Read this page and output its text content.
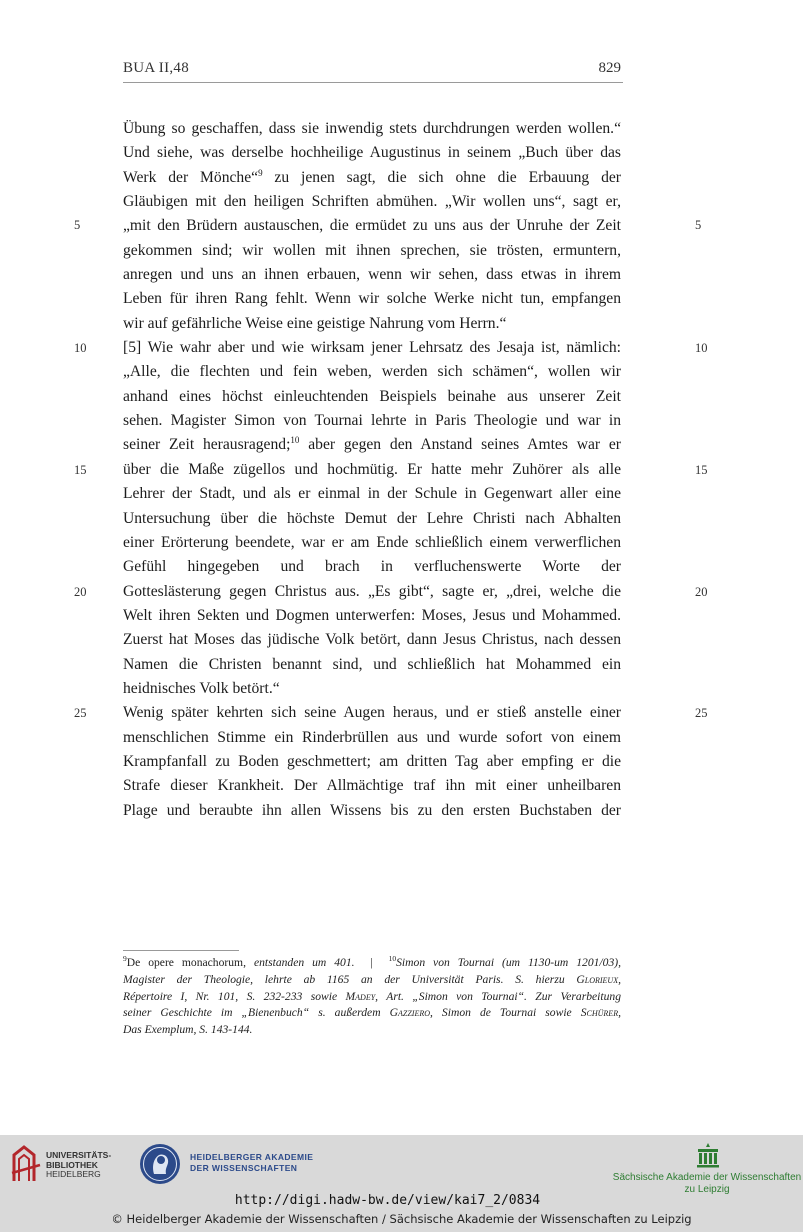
BUA II,48	829
Übung so geschaffen, dass sie inwendig stets durchdrungen werden wollen.“
Und siehe, was derselbe hochheilige Augustinus in seinem „Buch über das
Werk der Mönche“$^9$ zu jenen sagt, die sich ohne die Erbauung der
Gläubigen mit den heiligen Schriften abmühen. „Wir wollen uns“, sagt er,
„mit den Brüdern austauschen, die ermüdet zu uns aus der Unruhe der Zeit
gekommen sind; wir wollen mit ihnen sprechen, sie trösten, ermuntern,
anregen und uns an ihnen erbauen, wenn wir sehen, dass etwas in ihrem
Leben für ihren Rang fehlt. Wenn wir solche Werke nicht tun, empfangen
wir auf gefährliche Weise eine geistige Nahrung vom Herrn.“
[5] Wie wahr aber und wie wirksam jener Lehrsatz des Jesaja ist, nämlich:
„Alle, die flechten und fein weben, werden sich schämen“, wollen wir
anhand eines höchst einleuchtenden Beispiels beinahe aus unserer Zeit
sehen. Magister Simon von Tournai lehrte in Paris Theologie und war in
seiner Zeit herausragend;$^{10}$ aber gegen den Anstand seines Amtes war er
über die Maße zügellos und hochmütig. Er hatte mehr Zuhörer als alle
Lehrer der Stadt, und als er einmal in der Schule in Gegenwart aller eine
Untersuchung über die höchste Demut der Lehre Christi nach Abhalten
einer Erörterung beendete, war er am Ende schließlich einem verwerflichen
Gefühl hingegeben und brach in verfluchenswerte Worte der
Gotteslästerung gegen Christus aus. „Es gibt“, sagte er, „drei, welche die
Welt ihren Sekten und Dogmen unterwerfen: Moses, Jesus und Mohammed.
Zuerst hat Moses das jüdische Volk betört, dann Jesus Christus, nach dessen
Namen die Christen benannt sind, und schließlich hat Mohammed ein
heidnisches Volk betört.“
Wenig später kehrten sich seine Augen heraus, und er stieß anstelle einer
menschlichen Stimme ein Rinderbrüllen aus und wurde sofort von einem
Krampfanfall zu Boden geschmettert; am dritten Tag aber empfing er die
Strafe dieser Krankheit. Der Allmächtige traf ihn mit einer unheilbaren
Plage und beraubte ihn allen Wissens bis zu den ersten Buchstaben der
5	5
10	10
15	15
20	20
25	25
$^9$De opere monachorum, entstanden um 401. | $^{10}$Simon von Tournai (um 1130-um 1201/03),
Magister der Theologie, lehrte ab 1165 an der Universität Paris. S. hierzu Glorieux,
Répertoire I, Nr. 101, S. 232-233 sowie Madey, Art. „Simon von Tournai“. Zur Verarbeitung
seiner Geschichte im „Bienenbuch“ s. außerdem Gazziero, Simon de Tournai sowie Schürer,
Das Exemplum, S. 143-144.
UNIVERSITÄTS-
BIBLIOTHEK
HEIDELBERG
HEIDELBERGER AKADEMIE
DER WISSENSCHAFTEN
Sächsische Akademie der Wissenschaften
zu Leipzig
http://digi.hadw-bw.de/view/kai7_2/0834
© Heidelberger Akademie der Wissenschaften / Sächsische Akademie der Wissenschaften zu Leipzig
